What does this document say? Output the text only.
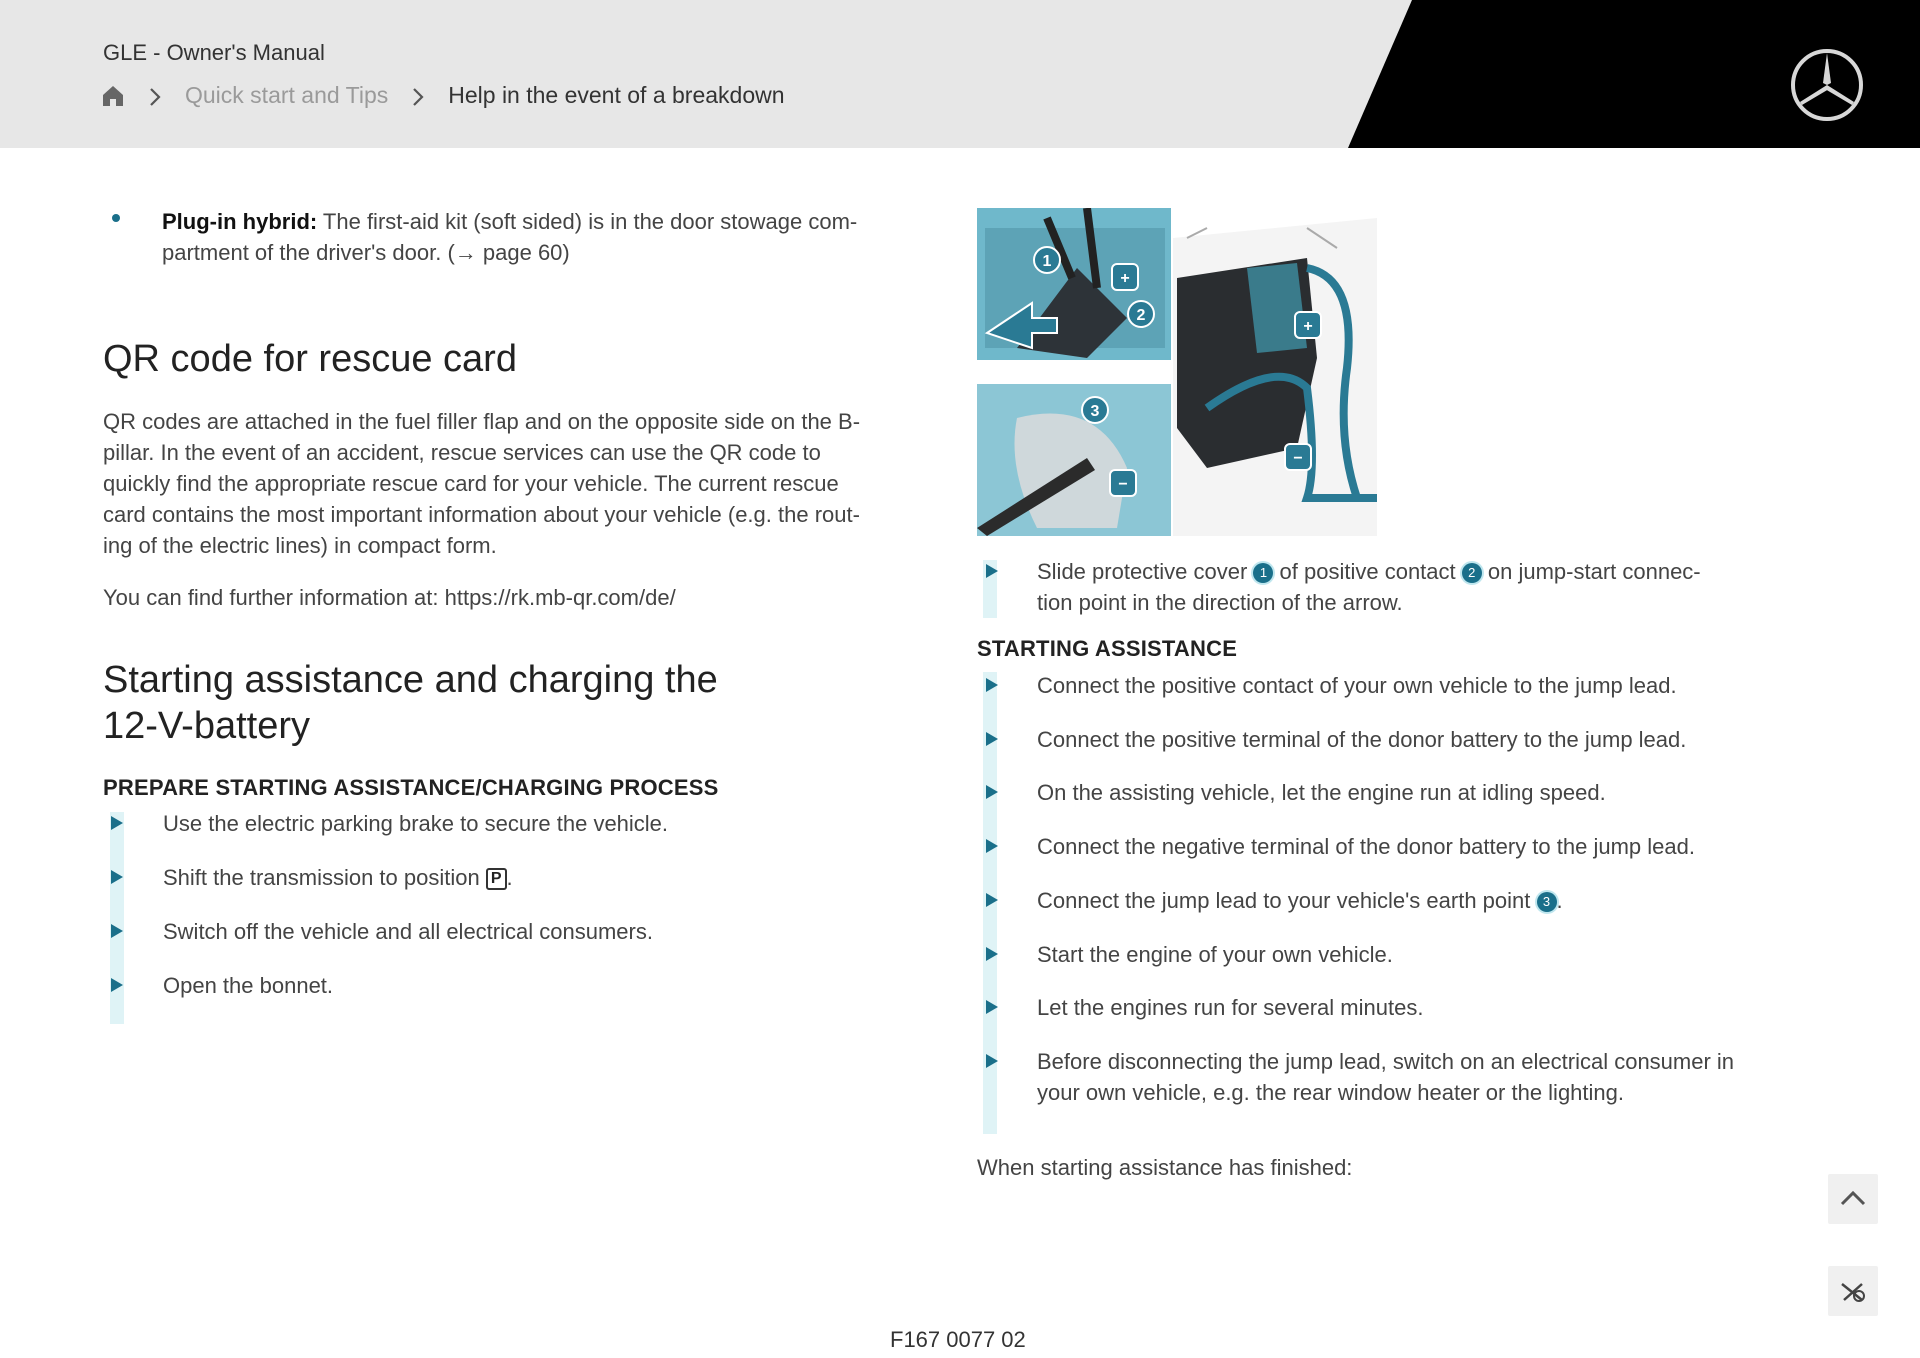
GLE - Owner's Manual
Quick start and Tips	Help in the event of a breakdown
Plug-in hybrid: The first-aid kit (soft sided) is in the door stowage com-
partment of the driver's door. (→ page 60)
QR code for rescue card
QR codes are attached in the fuel filler flap and on the opposite side on the B-
pillar. In the event of an accident, rescue services can use the QR code to
quickly find the appropriate rescue card for your vehicle. The current rescue
card contains the most important information about your vehicle (e.g. the rout-
ing of the electric lines) in compact form.
You can find further information at: https://rk.mb-qr.com/de/
Starting assistance and charging the
12-V-battery
PREPARE STARTING ASSISTANCE/CHARGING PROCESS
Use the electric parking brake to secure the vehicle.
Shift the transmission to position P .
Switch off the vehicle and all electrical consumers.
Open the bonnet.
1
2
3
+
+
−
−
Slide protective cover 1 of positive contact 2 on jump-start connec-
tion point in the direction of the arrow.
STARTING ASSISTANCE
Connect the positive contact of your own vehicle to the jump lead.
Connect the positive terminal of the donor battery to the jump lead.
On the assisting vehicle, let the engine run at idling speed.
Connect the negative terminal of the donor battery to the jump lead.
Connect the jump lead to your vehicle's earth point 3 .
Start the engine of your own vehicle.
Let the engines run for several minutes.
Before disconnecting the jump lead, switch on an electrical consumer in
your own vehicle, e.g. the rear window heater or the lighting.
When starting assistance has finished:
F167 0077 02
